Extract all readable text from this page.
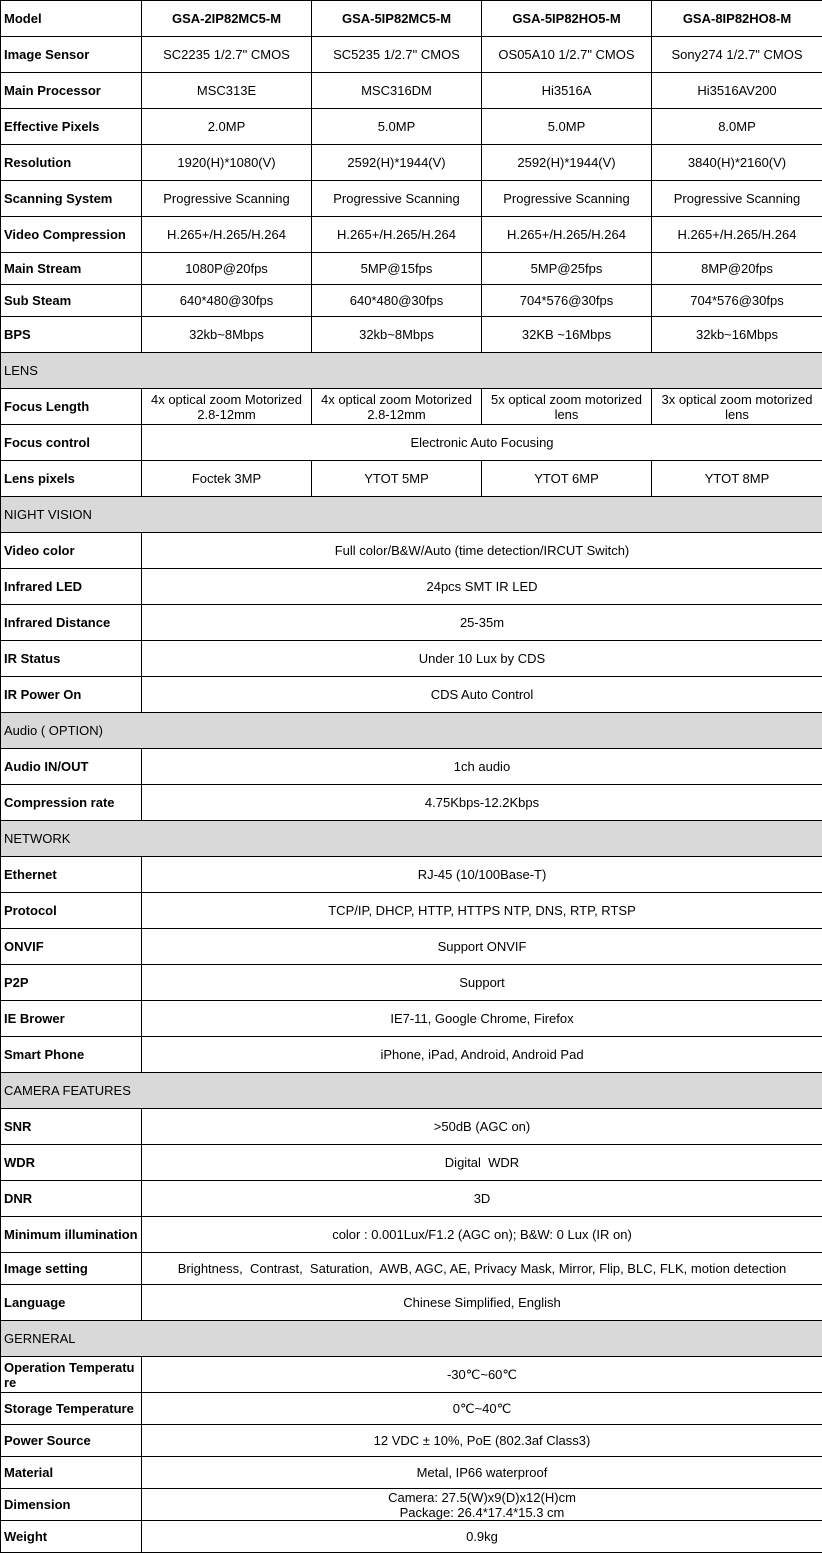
Model	GSA-2IP82MC5-M	GSA-5IP82MC5-M	GSA-5IP82HO5-M	GSA-8IP82HO8-M
Image Sensor	SC2235 1/2.7" CMOS	SC5235 1/2.7" CMOS	OS05A10 1/2.7" CMOS	Sony274 1/2.7" CMOS
Main Processor	MSC313E	MSC316DM	Hi3516A	Hi3516AV200
Effective Pixels	2.0MP	5.0MP	5.0MP	8.0MP
Resolution	1920(H)*1080(V)	2592(H)*1944(V)	2592(H)*1944(V)	3840(H)*2160(V)
Scanning System	Progressive Scanning	Progressive Scanning	Progressive Scanning	Progressive Scanning
Video Compression	H.265+/H.265/H.264	H.265+/H.265/H.264	H.265+/H.265/H.264	H.265+/H.265/H.264
Main Stream	1080P@20fps	5MP@15fps	5MP@25fps	8MP@20fps
Sub Steam	640*480@30fps	640*480@30fps	704*576@30fps	704*576@30fps
BPS	32kb~8Mbps	32kb~8Mbps	32KB ~16Mbps	32kb~16Mbps
LENS				
Focus Length	4x optical zoom Motorized 2.8-12mm	4x optical zoom Motorized 2.8-12mm	5x optical zoom motorized lens	3x optical zoom motorized lens
Focus control	Electronic Auto Focusing			
Lens pixels	Foctek 3MP	YTOT 5MP	YTOT 6MP	YTOT 8MP
NIGHT VISION				
Video color	Full color/B&W/Auto (time detection/IRCUT Switch)			
Infrared LED	24pcs SMT IR LED			
Infrared Distance	25-35m			
IR Status	Under 10 Lux by CDS			
IR Power On	CDS Auto Control			
Audio ( OPTION)				
Audio IN/OUT	1ch audio			
Compression rate	4.75Kbps-12.2Kbps			
NETWORK				
Ethernet	RJ-45 (10/100Base-T)			
Protocol	TCP/IP, DHCP, HTTP, HTTPS NTP, DNS, RTP, RTSP			
ONVIF	Support ONVIF			
P2P	Support			
IE Brower	IE7-11, Google Chrome, Firefox			
Smart Phone	iPhone, iPad, Android, Android Pad			
CAMERA FEATURES				
SNR	>50dB (AGC on)			
WDR	Digital  WDR			
DNR	3D			
Minimum illumination	color : 0.001Lux/F1.2 (AGC on); B&W: 0 Lux (IR on)			
Image setting	Brightness,  Contrast,  Saturation,  AWB, AGC, AE, Privacy Mask, Mirror, Flip, BLC, FLK, motion detection			
Language	Chinese Simplified, English			
GERNERAL				
Operation Temperature	-30℃~60℃			
Storage Temperature	0℃~40℃			
Power Source	12 VDC ± 10%, PoE (802.3af Class3)			
Material	Metal, IP66 waterproof			
Dimension	Camera: 27.5(W)x9(D)x12(H)cm
Package: 26.4*17.4*15.3 cm			

Weight	0.9kg			
